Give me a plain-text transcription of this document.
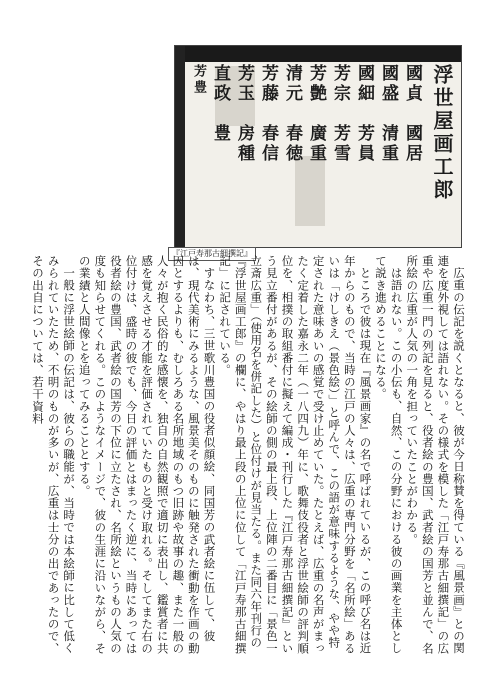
芳豊 直政　豊 芳玉　房種 芳藤　春信 清元　春徳 芳艶　廣重 芳宗　芳雪 國細　芳員 國盛　清重 國貞　國居 浮世屋画工郎
『江戸寿那古細撰記』

広重の伝記を説くとなると、彼が今日称賛を得ている『風景画』との関連を度外視しては語れない。その様式を模した「江戸寿那古細撰記」の広重や広重一門の列記を見ると、役者絵の豊国、武者絵の国芳と並んで、名所絵の広重が人気の一角を担っていたことがわかる。

は語れない。この小伝も、自然、この分野における彼の画業を主体として説き進めることになる。

ところで彼は現在『風景画家』の名で呼ばれているが、この呼び名は近年からのもので、当時の江戸の人々は、広重の専門分野を「名所絵」あるいは「けしきえ（景色絵）」と呼んで、この語が意味するような、やや特定された意味あいの感覚で受け止めていた。たとえば、広重の名声がまったく定着した嘉永二年（一八四九）年に、歌舞伎役者と浮世絵師の評判順位を、相撲の取組番付に擬えて編成・刊行した『江戸寿那古細撰記』という見立番付があるが、その絵師の側の最上段、上位陣の二番目に「景色一立斎広重」（使用名を併記した）と位付けが見当たる。また同六年刊行の『浮世屋画工郎』の欄に、やはり最上段の上位に位して「江戸寿那古細撰記」に記されている。

すなわち、三世歌川豊国の役者似顔絵、同国芳の武者絵に伍して、彼は、現代美術にみるような、風景美そのものに触発された衝動を作画の動因とするよりも、むしろある名所地域のもつ旧跡や故事の趣、また一般の人々が抱く民俗的な感懐を、独自の自然観照で適切に表出し、鑑賞者に共感を覚えさせる才能を評価されていたものと受け取れる。そしてまた右の位付けは、盛時の彼でも、今日の評価とはまったく逆に、当時にあっては役者絵の豊国、武者絵の国芳の下位に立たされ、名所絵というもの人気の度も知らせてくれる。このようなイメージで、彼の生涯に沿いながら、その業績と人間像とを追ってみることとする。

一般に浮世絵師の伝記は、彼らの職能が、当時では本絵師に比して低くみられていたため、不明のものが多いが、広重は士分の出であったので、その出自については、若干資料
